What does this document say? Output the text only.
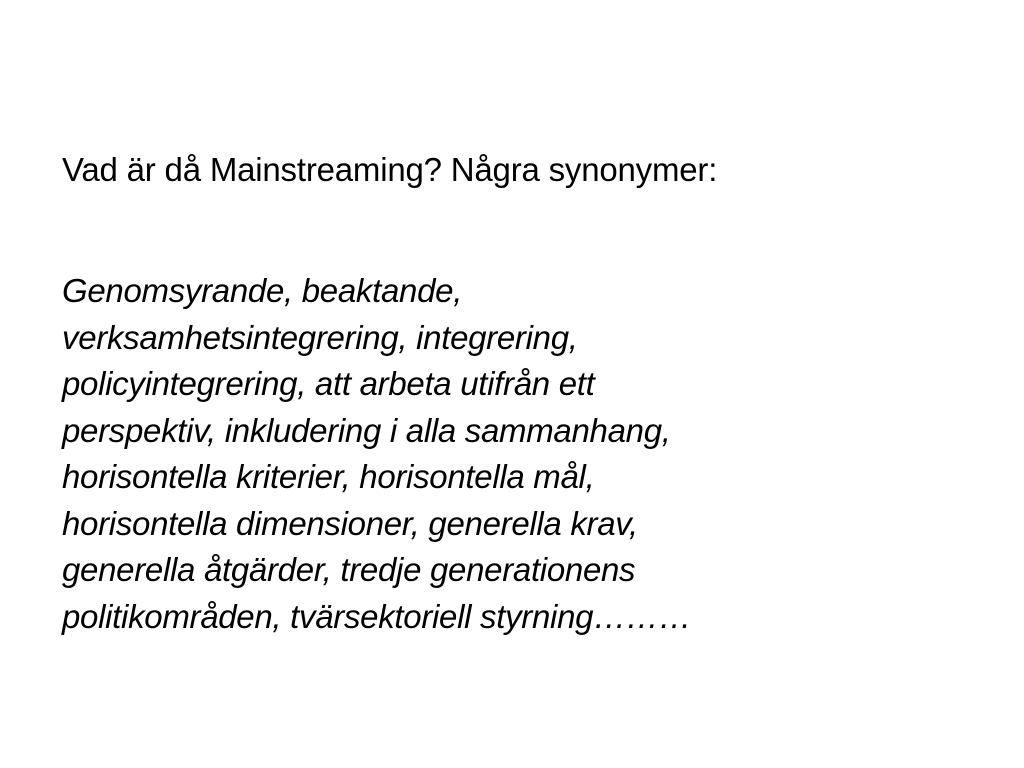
Vad är då Mainstreaming? Några synonymer:

Genomsyrande, beaktande,
verksamhetsintegrering, integrering,
policyintegrering, att arbeta utifrån ett
perspektiv, inkludering i alla sammanhang,
horisontella kriterier, horisontella mål,
horisontella dimensioner, generella krav,
generella åtgärder, tredje generationens
politikområden, tvärsektoriell styrning………
